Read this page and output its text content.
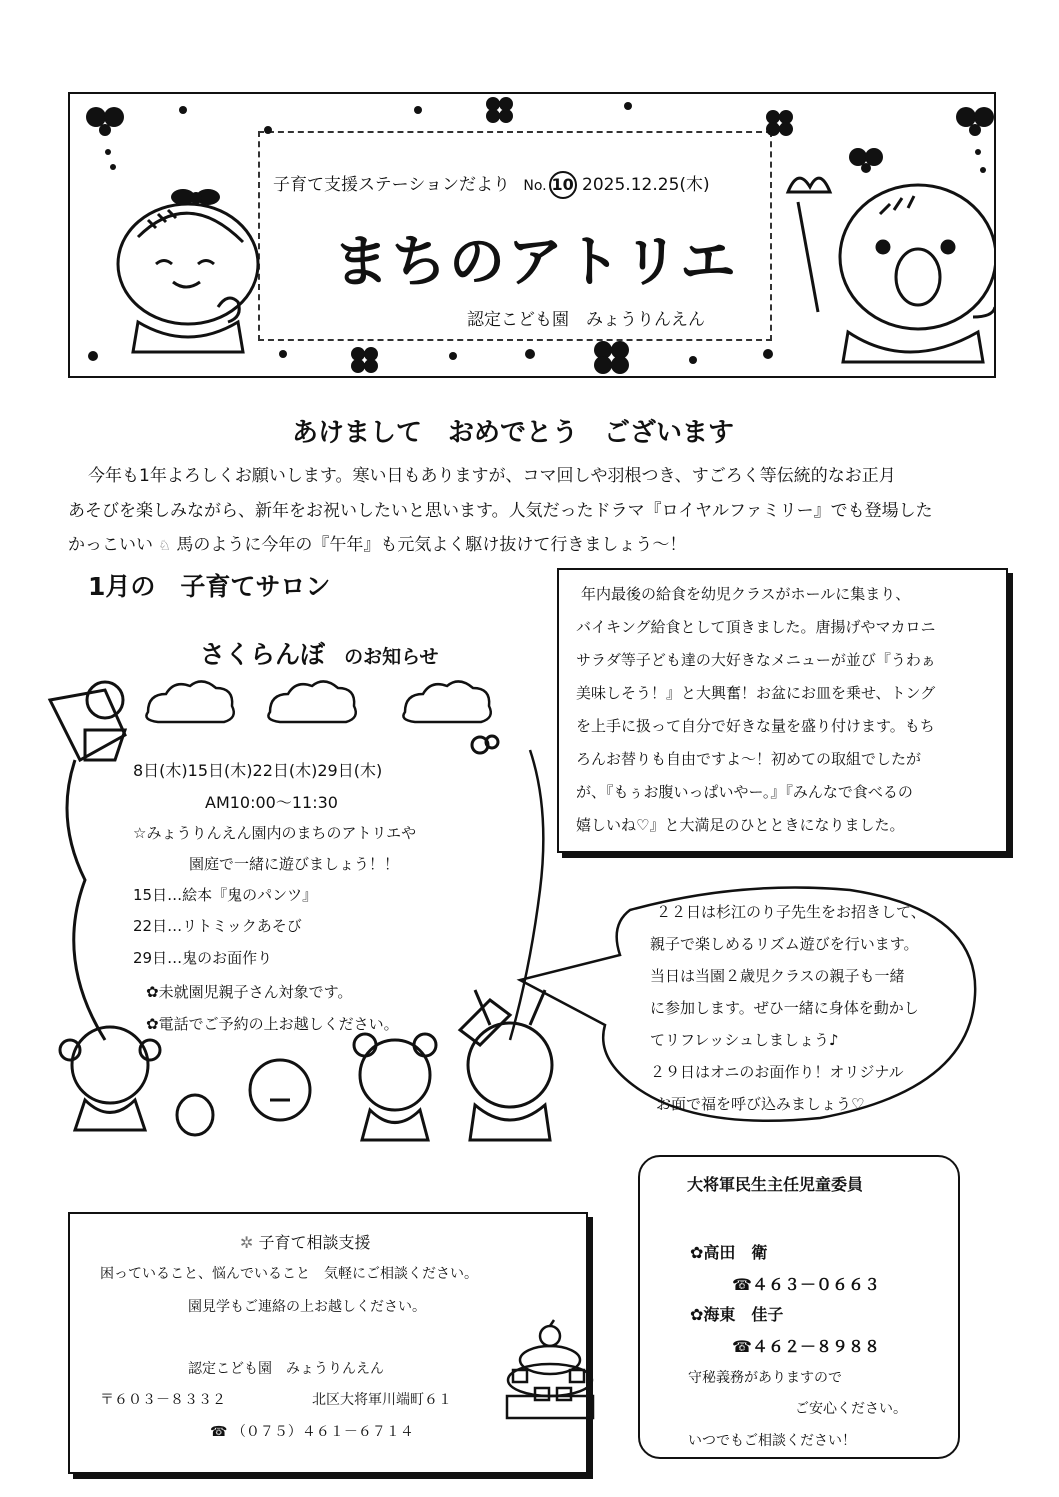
子育て支援ステーションだより No. 10 2025.12.25(木)
まちのアトリエ
認定こども園　みょうりんえん
あけまして　おめでとう　ございます
今年も1年よろしくお願いします。寒い日もありますが、コマ回しや羽根つき、すごろく等伝統的なお正月
あそびを楽しみながら、新年をお祝いしたいと思います。人気だったドラマ『ロイヤルファミリー』でも登場した
かっこいい ♘ 馬のように今年の『午年』も元気よく駆け抜けて行きましょう～！
1月の　子育てサロン
さくらんぼ のお知らせ
8日(木)15日(木)22日(木)29日(木)
AM10:00～11:30
☆みょうりんえん園内のまちのアトリエや
園庭で一緒に遊びましょう！！
15日…絵本『鬼のパンツ』
22日…リトミックあそび
29日…鬼のお面作り
✿未就園児親子さん対象です。
✿電話でご予約の上お越しください。
　年内最後の給食を幼児クラスがホールに集まり、
バイキング給食として頂きました。唐揚げやマカロニ
サラダ等子ども達の大好きなメニューが並び『うわぁ
美味しそう！』と大興奮！お盆にお皿を乗せ、トング
を上手に扱って自分で好きな量を盛り付けます。もち
ろんお替りも自由ですよ～！初めての取組でしたが
が、『もぅお腹いっぱいやー。』『みんなで食べるの
嬉しいね♡』と大満足のひとときになりました。
２２日は杉江のり子先生をお招きして、
親子で楽しめるリズム遊びを行います。
当日は当園２歳児クラスの親子も一緒
に参加します。ぜひ一緒に身体を動かし
てリフレッシュしましょう♪
２９日はオニのお面作り！オリジナル
お面で福を呼び込みましょう♡
✲ 子育て相談支援
困っていること、悩んでいること　気軽にご相談ください。
園見学もご連絡の上お越しください。
認定こども園　みょうりんえん
〒６０３－８３３２	北区大将軍川端町６１
☎ （０７５）４６１－６７１４
大将軍民生主任児童委員
✿高田　衛
☎４６３－０６６３
✿海東　佳子
☎４６２－８９８８
守秘義務がありますので
ご安心ください。
いつでもご相談ください！
